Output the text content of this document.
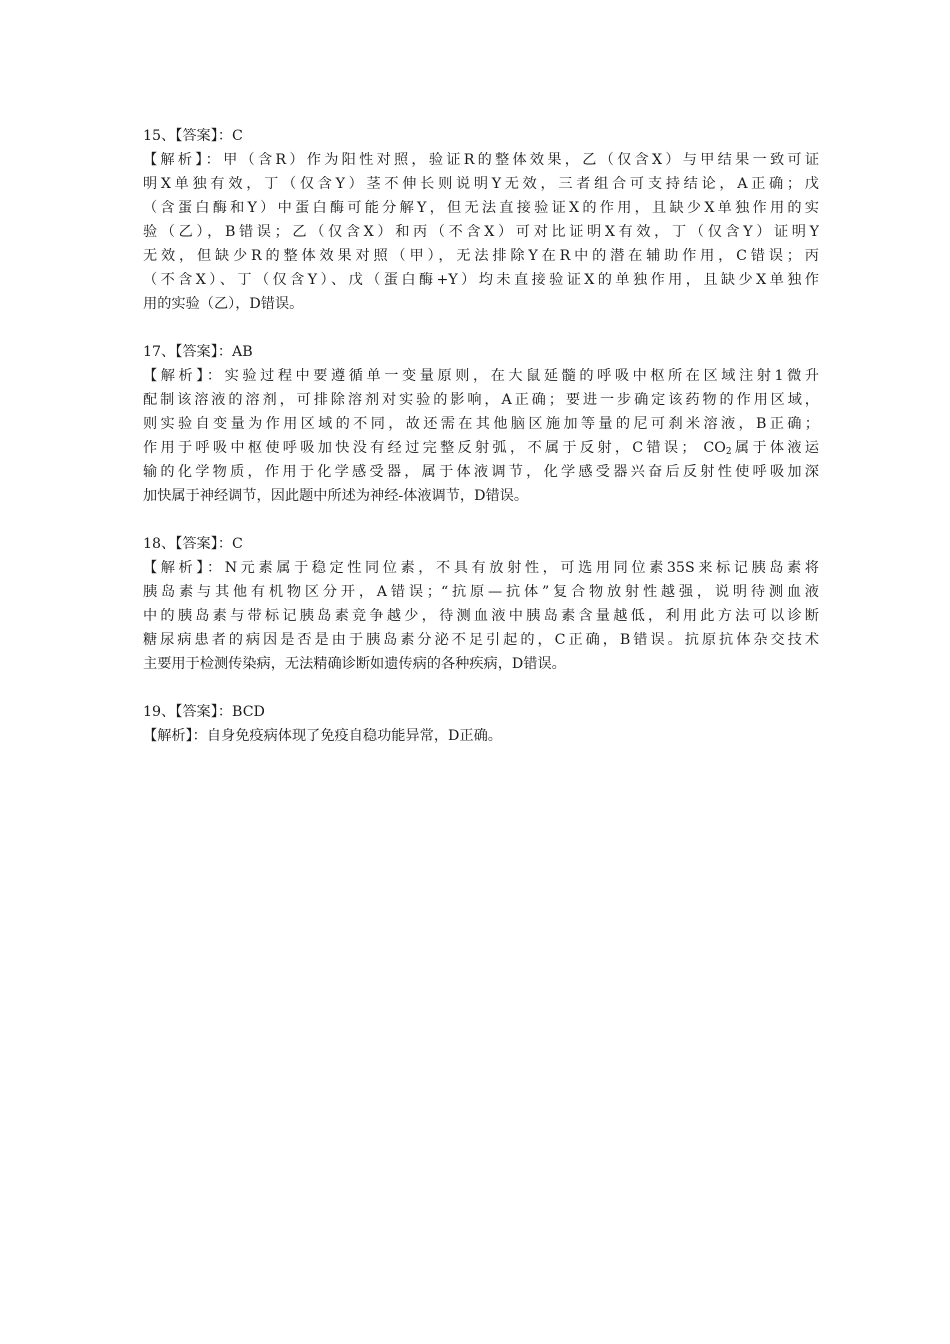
15、【答案】：C
【解析】：甲（含R）作为阳性对照，验证R的整体效果，乙（仅含X）与甲结果一致可证
明X单独有效，丁（仅含Y）茎不伸长则说明Y无效，三者组合可支持结论，A正确；戊
（含蛋白酶和Y）中蛋白酶可能分解Y，但无法直接验证X的作用，且缺少X单独作用的实
验（乙），B错误；乙（仅含X）和丙（不含X）可对比证明X有效，丁（仅含Y）证明Y
无效，但缺少R的整体效果对照（甲），无法排除Y在R中的潜在辅助作用，C错误；丙
（不含X）、丁（仅含Y）、戊（蛋白酶+Y）均未直接验证X的单独作用，且缺少X单独作
用的实验（乙），D错误。
17、【答案】：AB
【解析】：实验过程中要遵循单一变量原则，在大鼠延髓的呼吸中枢所在区域注射1微升
配制该溶液的溶剂，可排除溶剂对实验的影响，A正确；要进一步确定该药物的作用区域，
则实验自变量为作用区域的不同，故还需在其他脑区施加等量的尼可刹米溶液，B正确；
作用于呼吸中枢使呼吸加快没有经过完整反射弧，不属于反射，C错误； $CO_2$属于体液运
输的化学物质，作用于化学感受器，属于体液调节，化学感受器兴奋后反射性使呼吸加深
加快属于神经调节，因此题中所述为神经-体液调节，D错误。
18、【答案】：C
【解析】：N元素属于稳定性同位素，不具有放射性，可选用同位素35S来标记胰岛素将
胰岛素与其他有机物区分开，A错误；“抗原—抗体”复合物放射性越强，说明待测血液
中的胰岛素与带标记胰岛素竞争越少，待测血液中胰岛素含量越低，利用此方法可以诊断
糖尿病患者的病因是否是由于胰岛素分泌不足引起的，C正确，B错误。抗原抗体杂交技术
主要用于检测传染病，无法精确诊断如遗传病的各种疾病，D错误。
19、【答案】：BCD
【解析】：自身免疫病体现了免疫自稳功能异常，D正确。
